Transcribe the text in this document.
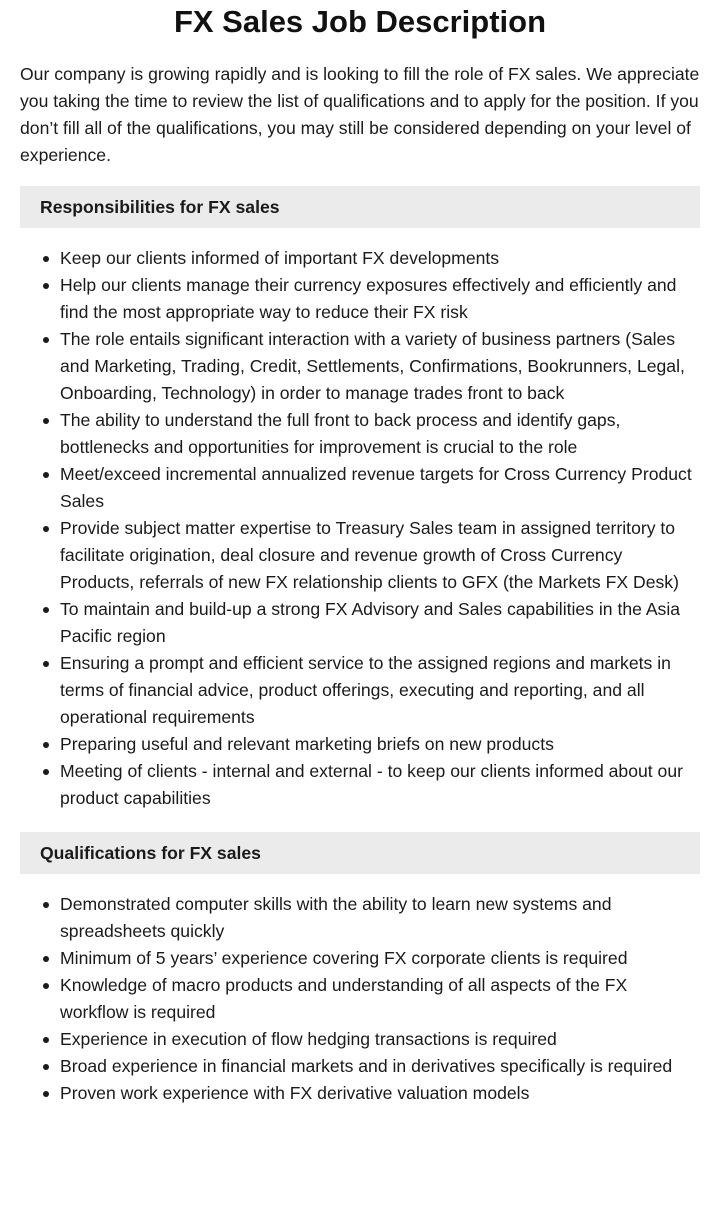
FX Sales Job Description

Our company is growing rapidly and is looking to fill the role of FX sales. We appreciate you taking the time to review the list of qualifications and to apply for the position. If you don’t fill all of the qualifications, you may still be considered depending on your level of experience.

Responsibilities for FX sales
Keep our clients informed of important FX developments
Help our clients manage their currency exposures effectively and efficiently and find the most appropriate way to reduce their FX risk
The role entails significant interaction with a variety of business partners (Sales and Marketing, Trading, Credit, Settlements, Confirmations, Bookrunners, Legal, Onboarding, Technology) in order to manage trades front to back
The ability to understand the full front to back process and identify gaps, bottlenecks and opportunities for improvement is crucial to the role
Meet/exceed incremental annualized revenue targets for Cross Currency Product Sales
Provide subject matter expertise to Treasury Sales team in assigned territory to facilitate origination, deal closure and revenue growth of Cross Currency Products, referrals of new FX relationship clients to GFX (the Markets FX Desk)
To maintain and build-up a strong FX Advisory and Sales capabilities in the Asia Pacific region
Ensuring a prompt and efficient service to the assigned regions and markets in terms of financial advice, product offerings, executing and reporting, and all operational requirements
Preparing useful and relevant marketing briefs on new products
Meeting of clients - internal and external - to keep our clients informed about our product capabilities
Qualifications for FX sales
Demonstrated computer skills with the ability to learn new systems and spreadsheets quickly
Minimum of 5 years’ experience covering FX corporate clients is required
Knowledge of macro products and understanding of all aspects of the FX workflow is required
Experience in execution of flow hedging transactions is required
Broad experience in financial markets and in derivatives specifically is required
Proven work experience with FX derivative valuation models
